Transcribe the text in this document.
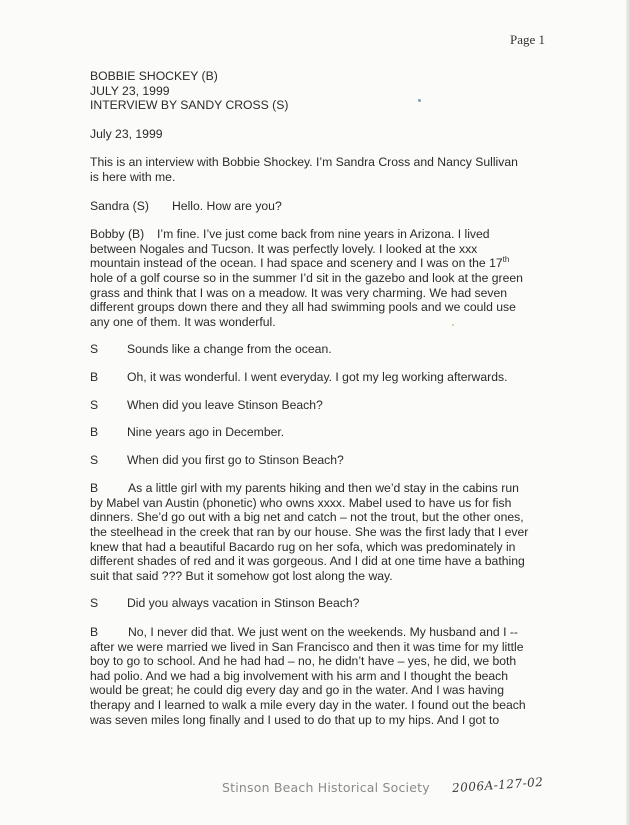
Page 1

BOBBIE SHOCKEY (B)

JULY 23, 1999

INTERVIEW BY SANDY CROSS (S)

July 23, 1999

This is an interview with Bobbie Shockey. I’m Sandra Cross and Nancy Sullivan is here with me.

Sandra (S) Hello. How are you?

Bobby (B) I’m fine. I’ve just come back from nine years in Arizona. I lived between Nogales and Tucson. It was perfectly lovely. I looked at the xxx mountain instead of the ocean. I had space and scenery and I was on the 17th hole of a golf course so in the summer I’d sit in the gazebo and look at the green grass and think that I was on a meadow. It was very charming. We had seven different groups down there and they all had swimming pools and we could use any one of them. It was wonderful.

S	Sounds like a change from the ocean.
B	Oh, it was wonderful. I went everyday. I got my leg working afterwards.
S	When did you leave Stinson Beach?
B	Nine years ago in December.
S	When did you first go to Stinson Beach?

B As a little girl with my parents hiking and then we’d stay in the cabins run by Mabel van Austin (phonetic) who owns xxxx. Mabel used to have us for fish dinners. She’d go out with a big net and catch – not the trout, but the other ones, the steelhead in the creek that ran by our house. She was the first lady that I ever knew that had a beautiful Bacardo rug on her sofa, which was predominately in different shades of red and it was gorgeous. And I did at one time have a bathing suit that said ??? But it somehow got lost along the way.

S	Did you always vacation in Stinson Beach?

B No, I never did that. We just went on the weekends. My husband and I -- after we were married we lived in San Francisco and then it was time for my little boy to go to school. And he had had – no, he didn’t have – yes, he did, we both had polio. And we had a big involvement with his arm and I thought the beach would be great; he could dig every day and go in the water. And I was having therapy and I learned to walk a mile every day in the water. I found out the beach was seven miles long finally and I used to do that up to my hips. And I got to

Stinson Beach Historical Society 2006A-127-02
